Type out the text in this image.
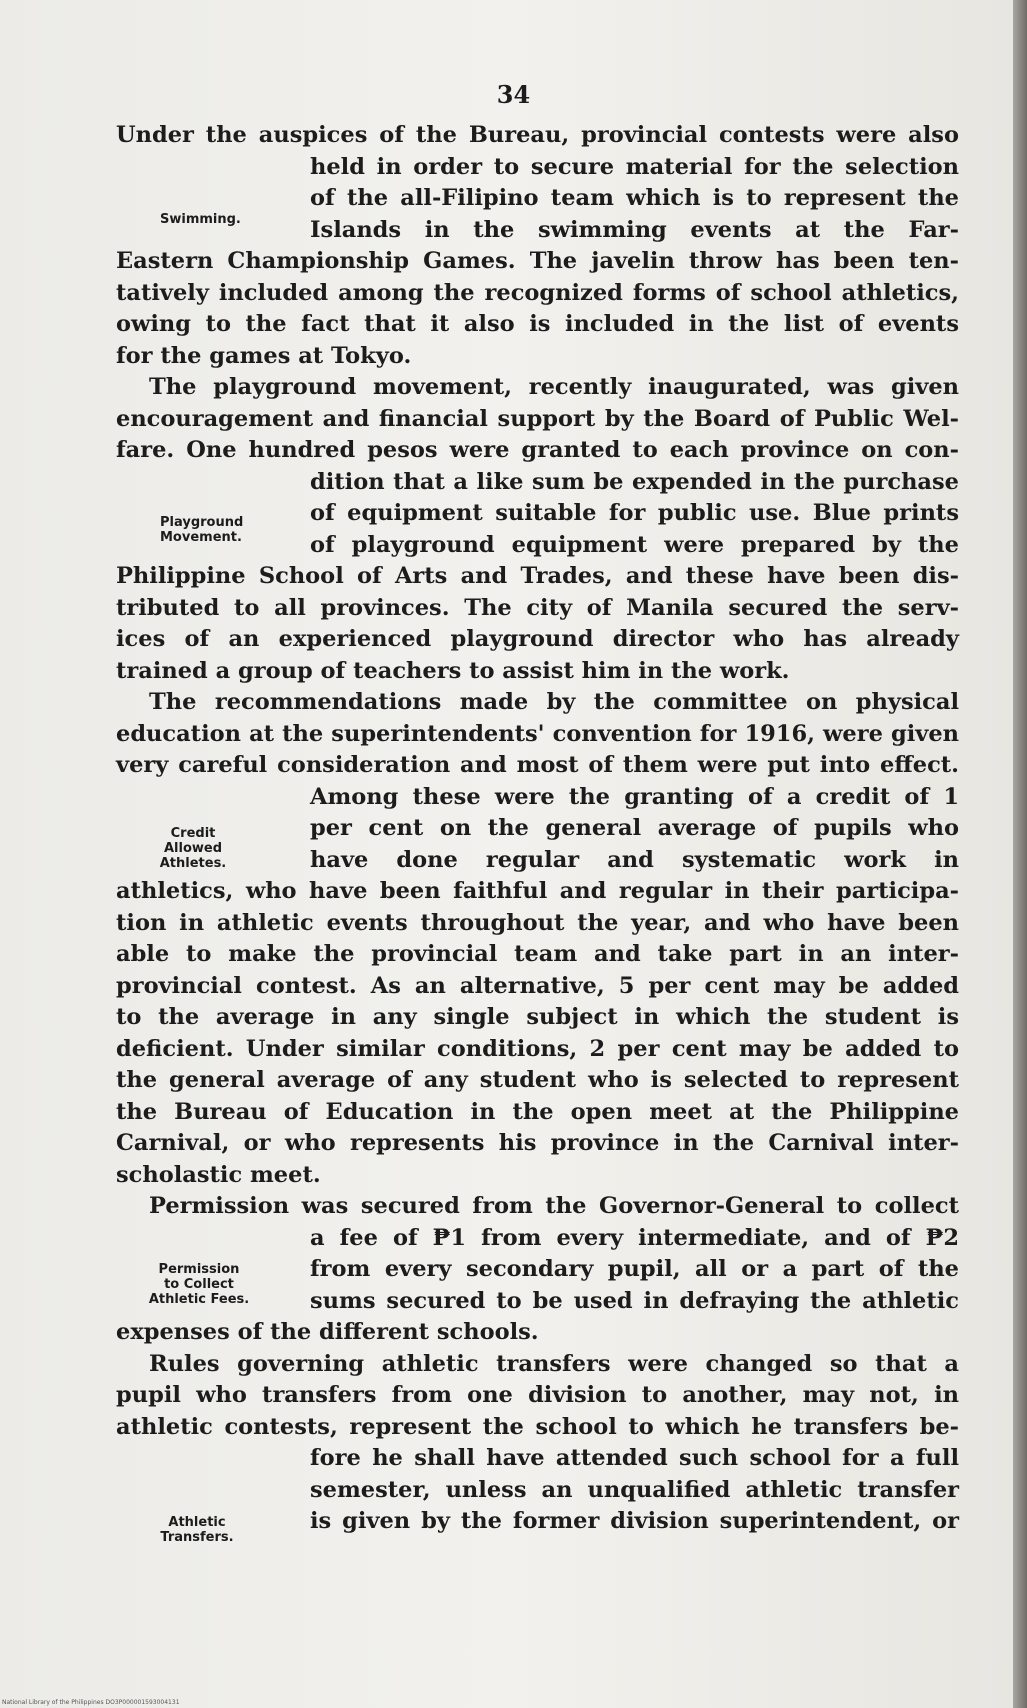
34
Under the auspices of the Bureau, provincial contests were also
held in order to secure material for the selection
of the all-Filipino team which is to represent the
Islands in the swimming events at the Far-
Eastern Championship Games. The javelin throw has been ten-
tatively included among the recognized forms of school athletics,
owing to the fact that it also is included in the list of events
for the games at Tokyo.
The playground movement, recently inaugurated, was given
encouragement and financial support by the Board of Public Wel-
fare. One hundred pesos were granted to each province on con-
dition that a like sum be expended in the purchase
of equipment suitable for public use. Blue prints
of playground equipment were prepared by the
Philippine School of Arts and Trades, and these have been dis-
tributed to all provinces. The city of Manila secured the serv-
ices of an experienced playground director who has already
trained a group of teachers to assist him in the work.
The recommendations made by the committee on physical
education at the superintendents' convention for 1916, were given
very careful consideration and most of them were put into effect.
Among these were the granting of a credit of 1
per cent on the general average of pupils who
have done regular and systematic work in
athletics, who have been faithful and regular in their participa-
tion in athletic events throughout the year, and who have been
able to make the provincial team and take part in an inter-
provincial contest. As an alternative, 5 per cent may be added
to the average in any single subject in which the student is
deficient. Under similar conditions, 2 per cent may be added to
the general average of any student who is selected to represent
the Bureau of Education in the open meet at the Philippine
Carnival, or who represents his province in the Carnival inter-
scholastic meet.
Permission was secured from the Governor-General to collect
a fee of ₱1 from every intermediate, and of ₱2
from every secondary pupil, all or a part of the
sums secured to be used in defraying the athletic
expenses of the different schools.
Rules governing athletic transfers were changed so that a
pupil who transfers from one division to another, may not, in
athletic contests, represent the school to which he transfers be-
fore he shall have attended such school for a full
semester, unless an unqualified athletic transfer
is given by the former division superintendent, or
Swimming.
Playground
Movement.
Credit
Allowed
Athletes.
Permission
to Collect
Athletic Fees.
Athletic
Transfers.
National Library of the Philippines DO3P000001593004131
